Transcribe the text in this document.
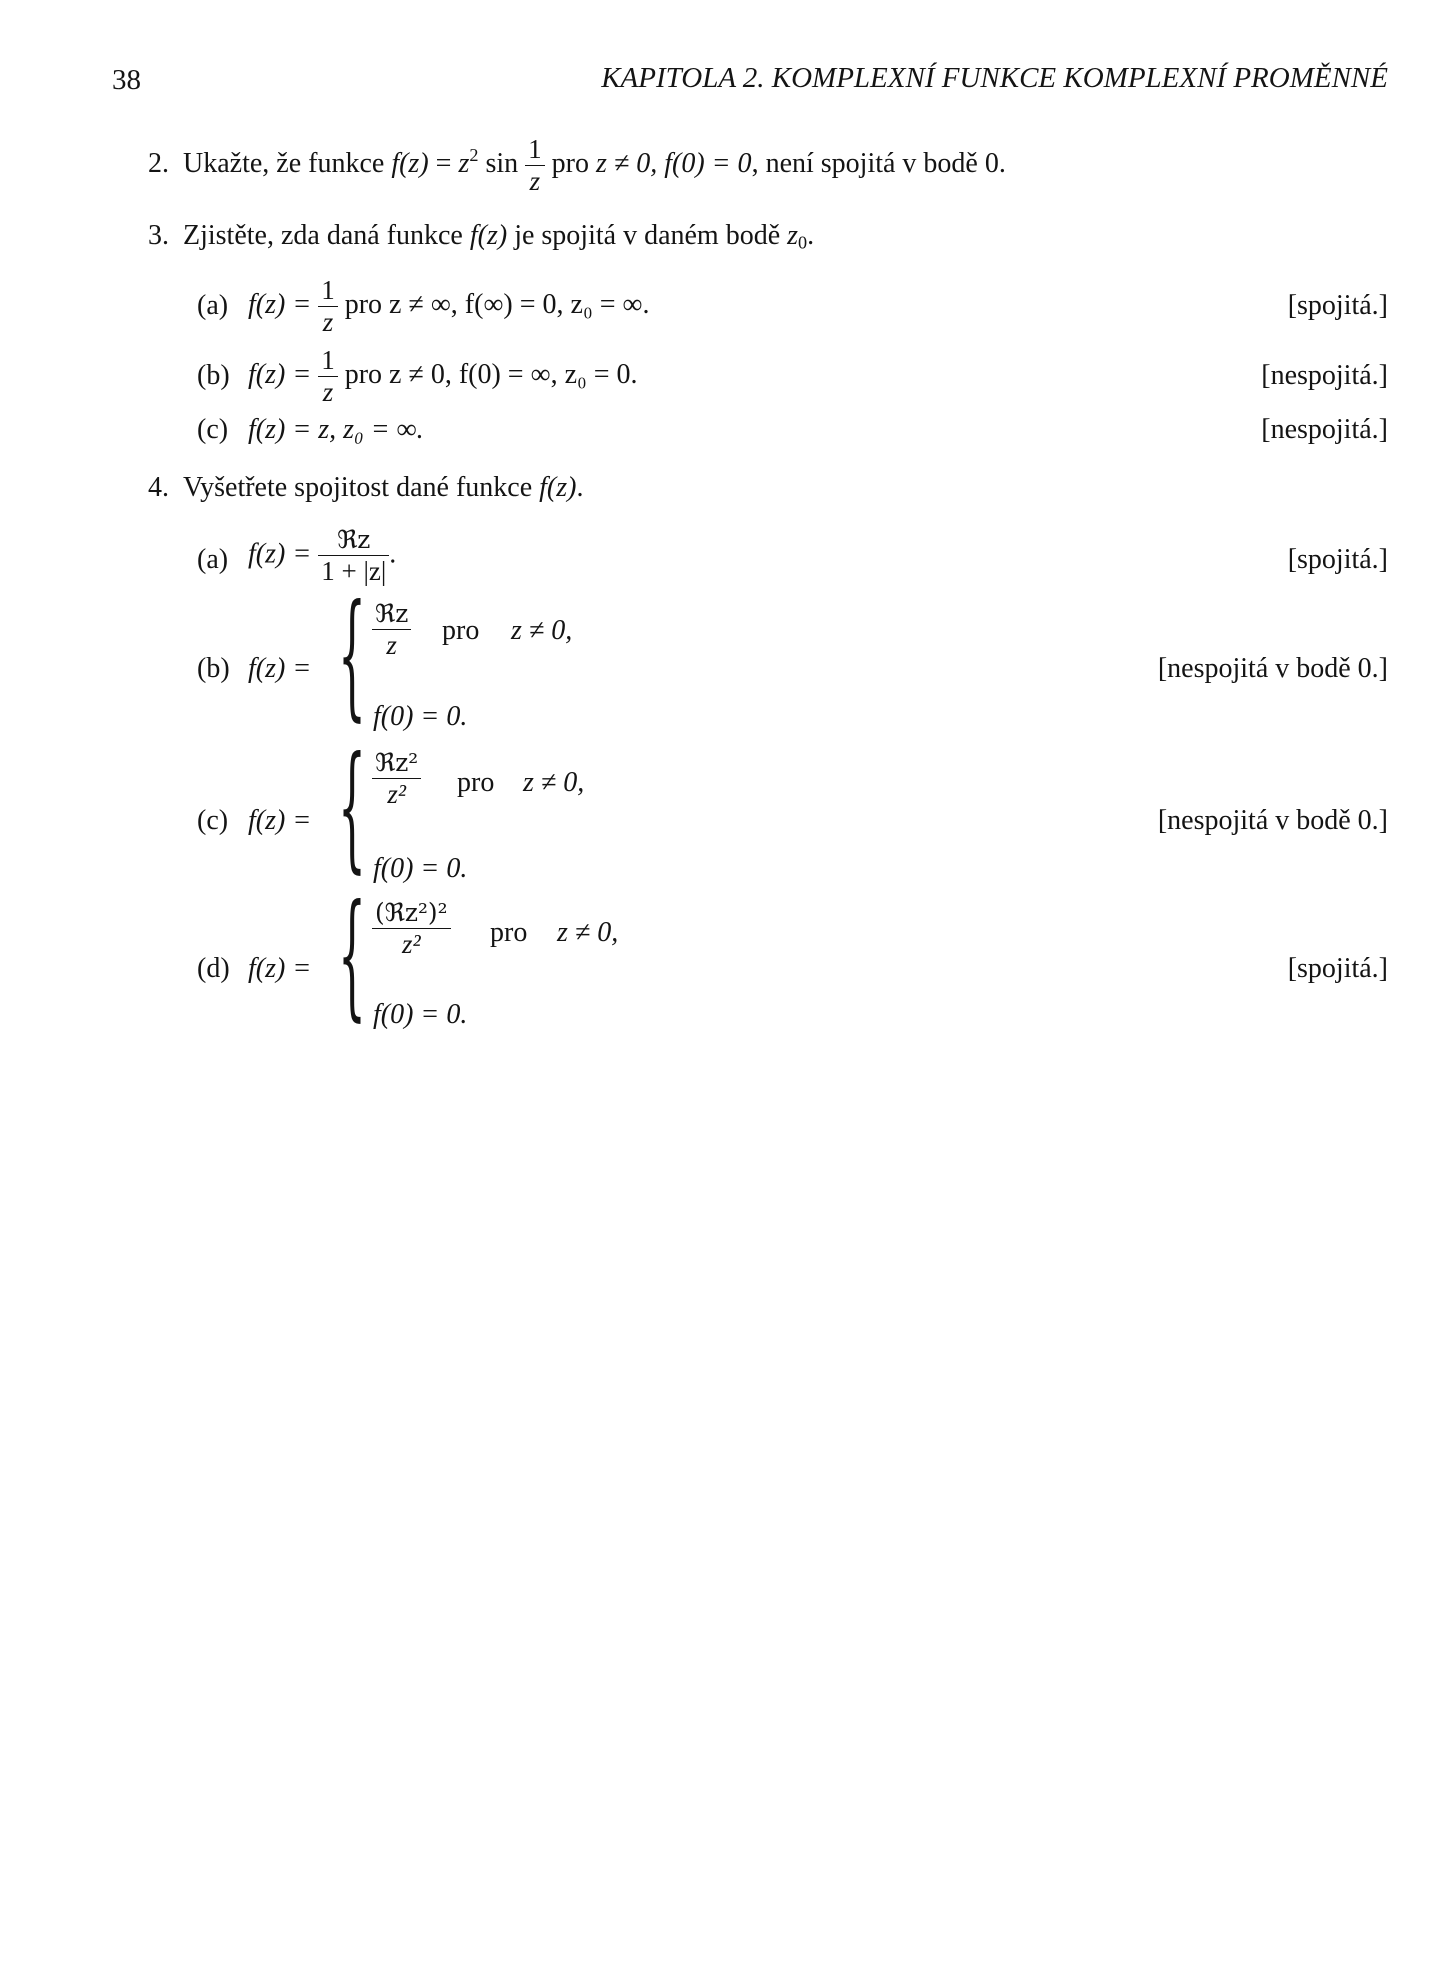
38	KAPITOLA 2. KOMPLEXNÍ FUNKCE KOMPLEXNÍ PROMĚNNÉ
2. Ukažte, že funkce $f(z) = z^2$ $\sin \frac{1}{z}$ pro z ≠ 0, f(0) = 0, není spojitá v bodě 0.
3. Zjistěte, zda daná funkce f(z) je spojitá v daném bodě $z_0$.
(a) $f(z) = \frac{1}{z}$ pro z ≠ ∞, f(∞) = 0, z₀ = ∞.	[spojitá.]
(b) $f(z) = \frac{1}{z}$ pro z ≠ 0, f(0) = ∞, z₀ = 0.	[nespojitá.]
(c) f(z) = z, z₀ = ∞.	[nespojitá.]
4. Vyšetřete spojitost dané funkce f(z).
(a) $f(z) = \frac{\text{ℜz}}{1 + |z|}$ .	[spojitá.]
(b) f(z) = { $\frac{\text{ℜz}}{z}$ pro z ≠ 0,
f(0) = 0.
[nespojitá v bodě 0.]
(c) f(z) = { $\frac{\text{ℜz²}}{\text{z²}}$ pro z ≠ 0,
f(0) = 0.
[nespojitá v bodě 0.]
(d) f(z) = { $\frac{\text{(ℜz²)²}}{\text{z²}}$ pro z ≠ 0,
f(0) = 0.
[spojitá.]
